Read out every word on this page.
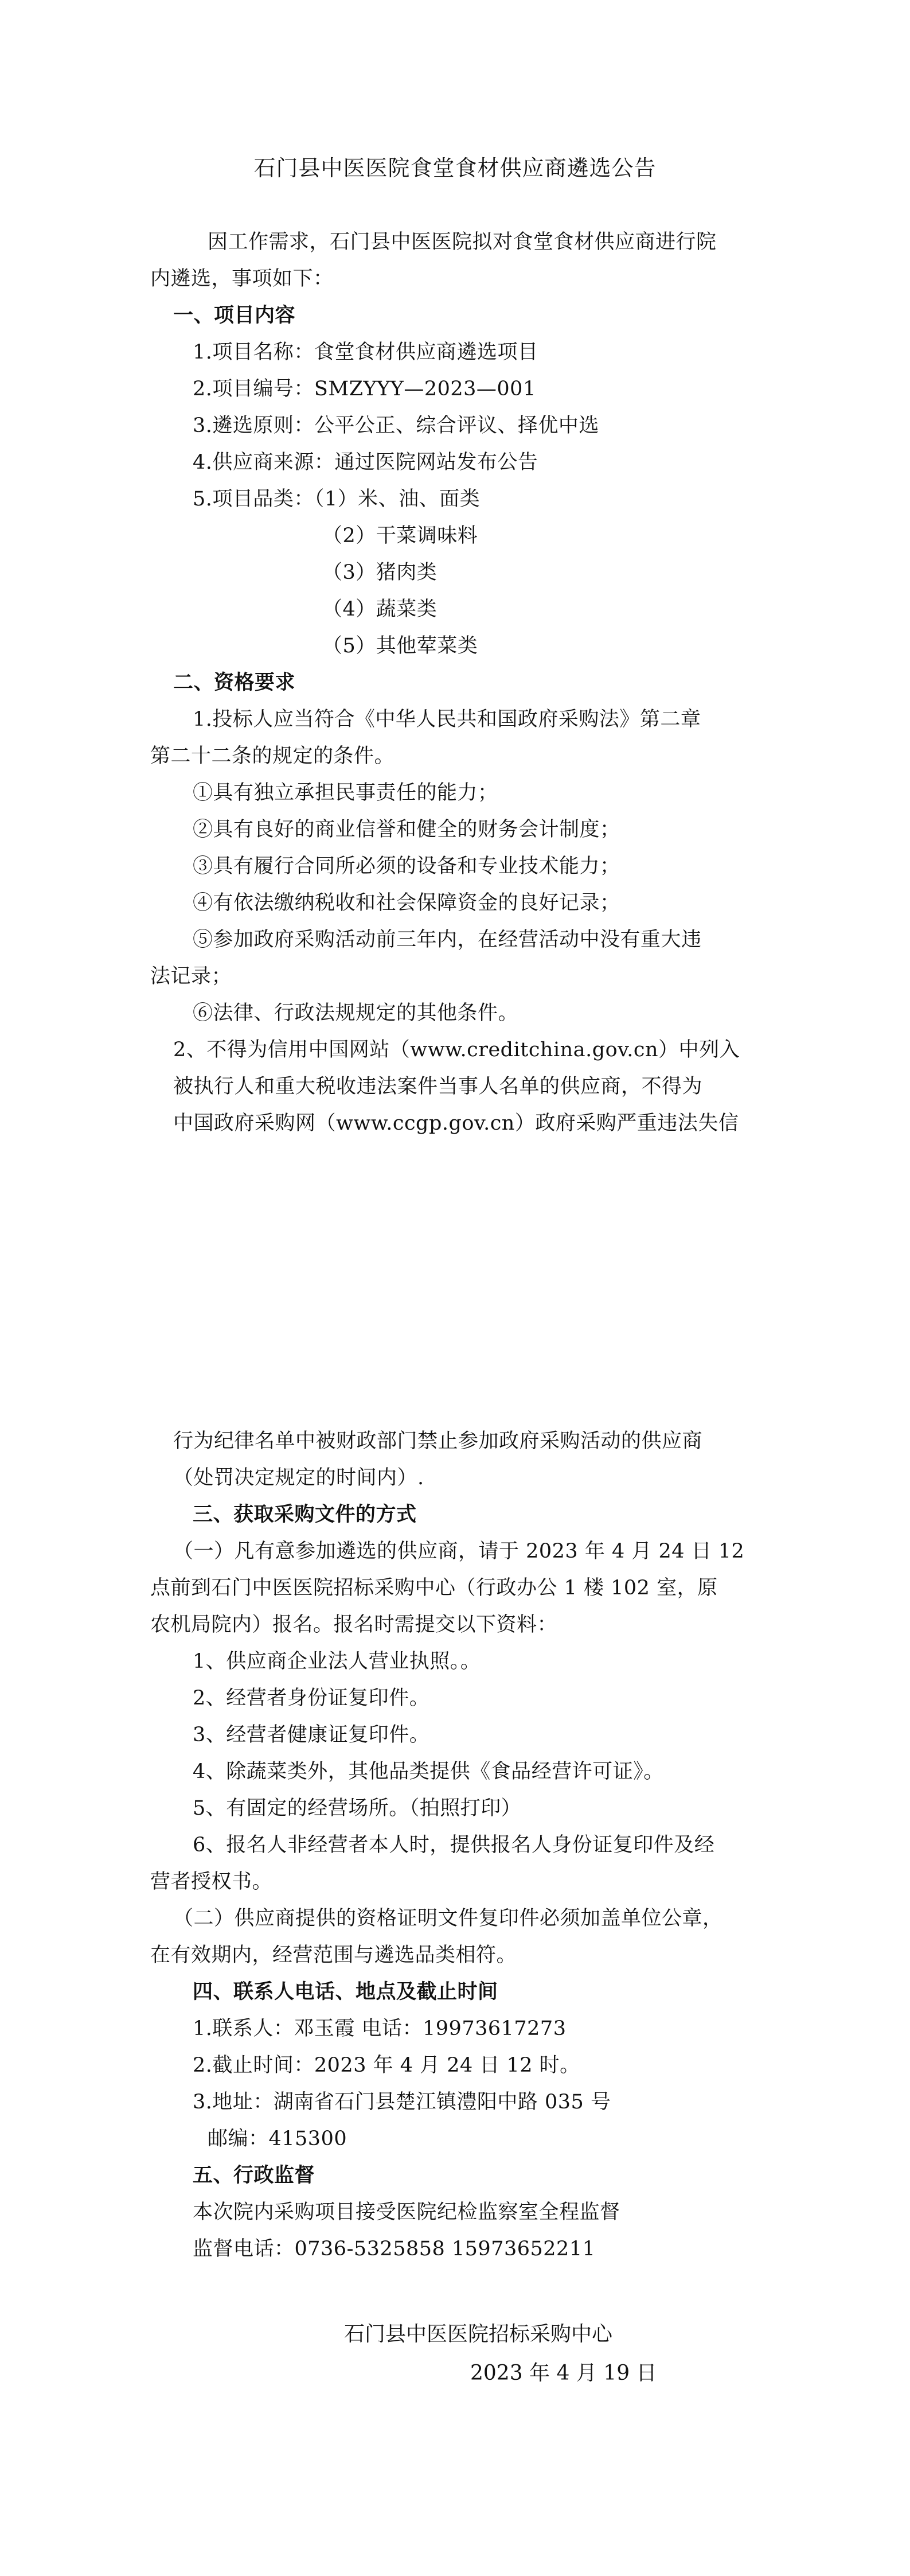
石门县中医医院食堂食材供应商遴选公告
因工作需求，石门县中医医院拟对食堂食材供应商进行院
内遴选，事项如下：
一、项目内容
1.项目名称：食堂食材供应商遴选项目
2.项目编号：SMZYYY—2023—001
3.遴选原则：公平公正、综合评议、择优中选
4.供应商来源：通过医院网站发布公告
5.项目品类：（1）米、油、面类
（2）干菜调味料
（3）猪肉类
（4）蔬菜类
（5）其他荤菜类
二、资格要求
1.投标人应当符合《中华人民共和国政府采购法》第二章
第二十二条的规定的条件。
①具有独立承担民事责任的能力；
②具有良好的商业信誉和健全的财务会计制度；
③具有履行合同所必须的设备和专业技术能力；
④有依法缴纳税收和社会保障资金的良好记录；
⑤参加政府采购活动前三年内，在经营活动中没有重大违
法记录；
⑥法律、行政法规规定的其他条件。
2、不得为信用中国网站（www.creditchina.gov.cn）中列入
被执行人和重大税收违法案件当事人名单的供应商，不得为
中国政府采购网（www.ccgp.gov.cn）政府采购严重违法失信
行为纪律名单中被财政部门禁止参加政府采购活动的供应商
（处罚决定规定的时间内）.
三、获取采购文件的方式
（一）凡有意参加遴选的供应商，请于 2023 年 4 月 24 日 12
点前到石门中医医院招标采购中心（行政办公 1 楼 102 室，原
农机局院内）报名。报名时需提交以下资料：
1、供应商企业法人营业执照。。
2、经营者身份证复印件。
3、经营者健康证复印件。
4、除蔬菜类外，其他品类提供《食品经营许可证》。
5、有固定的经营场所。（拍照打印）
6、报名人非经营者本人时，提供报名人身份证复印件及经
营者授权书。
（二）供应商提供的资格证明文件复印件必须加盖单位公章，
在有效期内，经营范围与遴选品类相符。
四、联系人电话、地点及截止时间
1.联系人：邓玉霞 电话：19973617273
2.截止时间：2023 年 4 月 24 日 12 时。
3.地址：湖南省石门县楚江镇澧阳中路 035 号
邮编：415300
五、行政监督
本次院内采购项目接受医院纪检监察室全程监督
监督电话：0736-5325858 15973652211
石门县中医医院招标采购中心
2023 年 4 月 19 日
